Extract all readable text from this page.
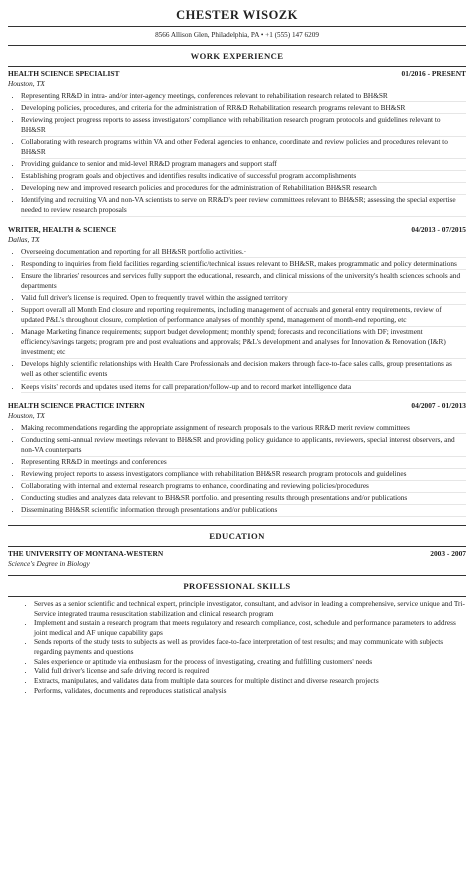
CHESTER WISOZK
8566 Allison Glen, Philadelphia, PA • +1 (555) 147 6209
WORK EXPERIENCE
HEALTH SCIENCE SPECIALIST	01/2016 - PRESENT
Houston, TX
• Representing RR&D in intra- and/or inter-agency meetings, conferences relevant to rehabilitation research related to BH&SR
• Developing policies, procedures, and criteria for the administration of RR&D Rehabilitation research programs relevant to BH&SR
• Reviewing project progress reports to assess investigators' compliance with rehabilitation research program protocols and guidelines relevant to BH&SR
• Collaborating with research programs within VA and other Federal agencies to enhance, coordinate and review policies and procedures relevant to BH&SR
• Providing guidance to senior and mid-level RR&D program managers and support staff
• Establishing program goals and objectives and identifies results indicative of successful program accomplishments
• Developing new and improved research policies and procedures for the administration of Rehabilitation BH&SR research
• Identifying and recruiting VA and non-VA scientists to serve on RR&D's peer review committees relevant to BH&SR; assessing the special expertise needed to review research proposals
WRITER, HEALTH & SCIENCE	04/2013 - 07/2015
Dallas, TX
• Overseeing documentation and reporting for all BH&SR portfolio activities.·
• Responding to inquiries from field facilities regarding scientific/technical issues relevant to BH&SR, makes programmatic and policy determinations
• Ensure the libraries' resources and services fully support the educational, research, and clinical missions of the university's health sciences schools and departments
• Valid full driver's license is required. Open to frequently travel within the assigned territory
• Support overall all Month End closure and reporting requirements, including management of accruals and general entry requirements, review of updated P&L's throughout closure, completion of performance analyses of monthly spend, management of month-end reporting, etc
• Manage Marketing finance requirements; support budget development; monthly spend; forecasts and reconciliations with DF; investment efficiency/savings targets; program pre and post evaluations and approvals; P&L's development and analyses for Innovation & Renovation (I&R) investment; etc
• Develops highly scientific relationships with Health Care Professionals and decision makers through face-to-face sales calls, group presentations as well as other scientific events
• Keeps visits' records and updates used items for call preparation/follow-up and to record market intelligence data
HEALTH SCIENCE PRACTICE INTERN	04/2007 - 01/2013
Houston, TX
• Making recommendations regarding the appropriate assignment of research proposals to the various RR&D merit review committees
• Conducting semi-annual review meetings relevant to BH&SR and providing policy guidance to applicants, reviewers, special interest observers, and non-VA counterparts
• Representing RR&D in meetings and conferences
• Reviewing project reports to assess investigators compliance with rehabilitation BH&SR research program protocols and guidelines
• Collaborating with internal and external research programs to enhance, coordinating and reviewing policies/procedures
• Conducting studies and analyzes data relevant to BH&SR portfolio. and presenting results through presentations and/or publications
• Disseminating BH&SR scientific information through presentations and/or publications
EDUCATION
THE UNIVERSITY OF MONTANA-WESTERN	2003 - 2007
Science's Degree in Biology
PROFESSIONAL SKILLS
• Serves as a senior scientific and technical expert, principle investigator, consultant, and advisor in leading a comprehensive, service unique and Tri-Service integrated trauma resuscitation stabilization and clinical research program
• Implement and sustain a research program that meets regulatory and research compliance, cost, schedule and performance parameters to address joint medical and AF unique capability gaps
• Sends reports of the study tests to subjects as well as provides face-to-face interpretation of test results; and may communicate with subjects regarding payments and questions
• Sales experience or aptitude via enthusiasm for the process of investigating, creating and fulfilling customers' needs
• Valid full driver's license and safe driving record is required
• Extracts, manipulates, and validates data from multiple data sources for multiple distinct and diverse research projects
• Performs, validates, documents and reproduces statistical analysis
